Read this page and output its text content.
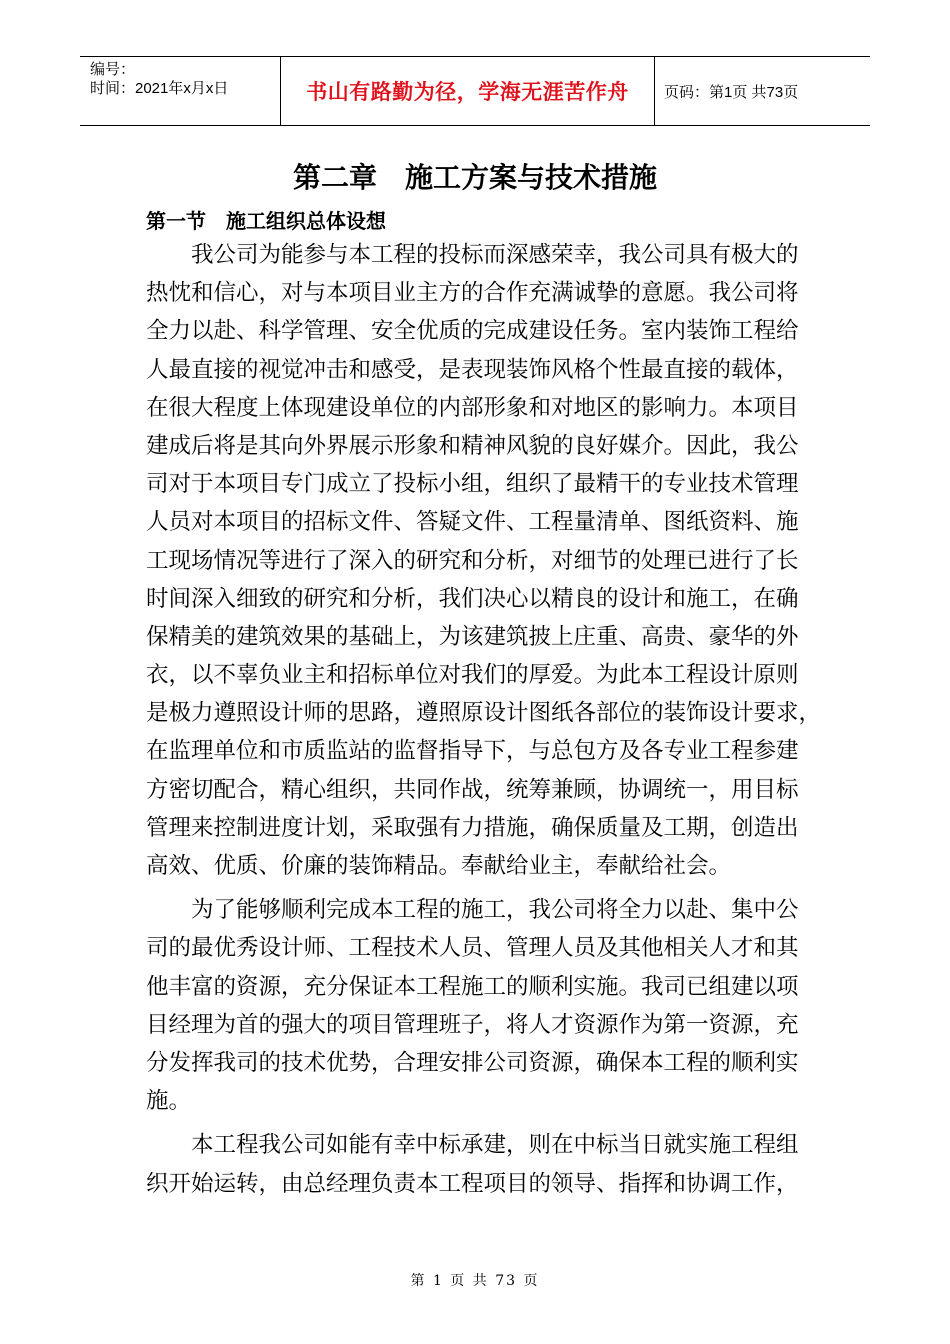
编号：
时间：2021年x月x日	书山有路勤为径，学海无涯苦作舟	页码：第1页 共73页
第二章　施工方案与技术措施
第一节　施工组织总体设想
我公司为能参与本工程的投标而深感荣幸，我公司具有极大的
热忱和信心，对与本项目业主方的合作充满诚挚的意愿。我公司将
全力以赴、科学管理、安全优质的完成建设任务。室内装饰工程给
人最直接的视觉冲击和感受，是表现装饰风格个性最直接的载体，
在很大程度上体现建设单位的内部形象和对地区的影响力。本项目
建成后将是其向外界展示形象和精神风貌的良好媒介。因此，我公
司对于本项目专门成立了投标小组，组织了最精干的专业技术管理
人员对本项目的招标文件、答疑文件、工程量清单、图纸资料、施
工现场情况等进行了深入的研究和分析，对细节的处理已进行了长
时间深入细致的研究和分析，我们决心以精良的设计和施工，在确
保精美的建筑效果的基础上，为该建筑披上庄重、高贵、豪华的外
衣，以不辜负业主和招标单位对我们的厚爱。为此本工程设计原则
是极力遵照设计师的思路，遵照原设计图纸各部位的装饰设计要求，
在监理单位和市质监站的监督指导下，与总包方及各专业工程参建
方密切配合，精心组织，共同作战，统筹兼顾，协调统一，用目标
管理来控制进度计划，采取强有力措施，确保质量及工期，创造出
高效、优质、价廉的装饰精品。奉献给业主，奉献给社会。
为了能够顺利完成本工程的施工，我公司将全力以赴、集中公
司的最优秀设计师、工程技术人员、管理人员及其他相关人才和其
他丰富的资源，充分保证本工程施工的顺利实施。我司已组建以项
目经理为首的强大的项目管理班子，将人才资源作为第一资源，充
分发挥我司的技术优势，合理安排公司资源，确保本工程的顺利实
施。
本工程我公司如能有幸中标承建，则在中标当日就实施工程组
织开始运转，由总经理负责本工程项目的领导、指挥和协调工作，
第 1 页 共 73 页
